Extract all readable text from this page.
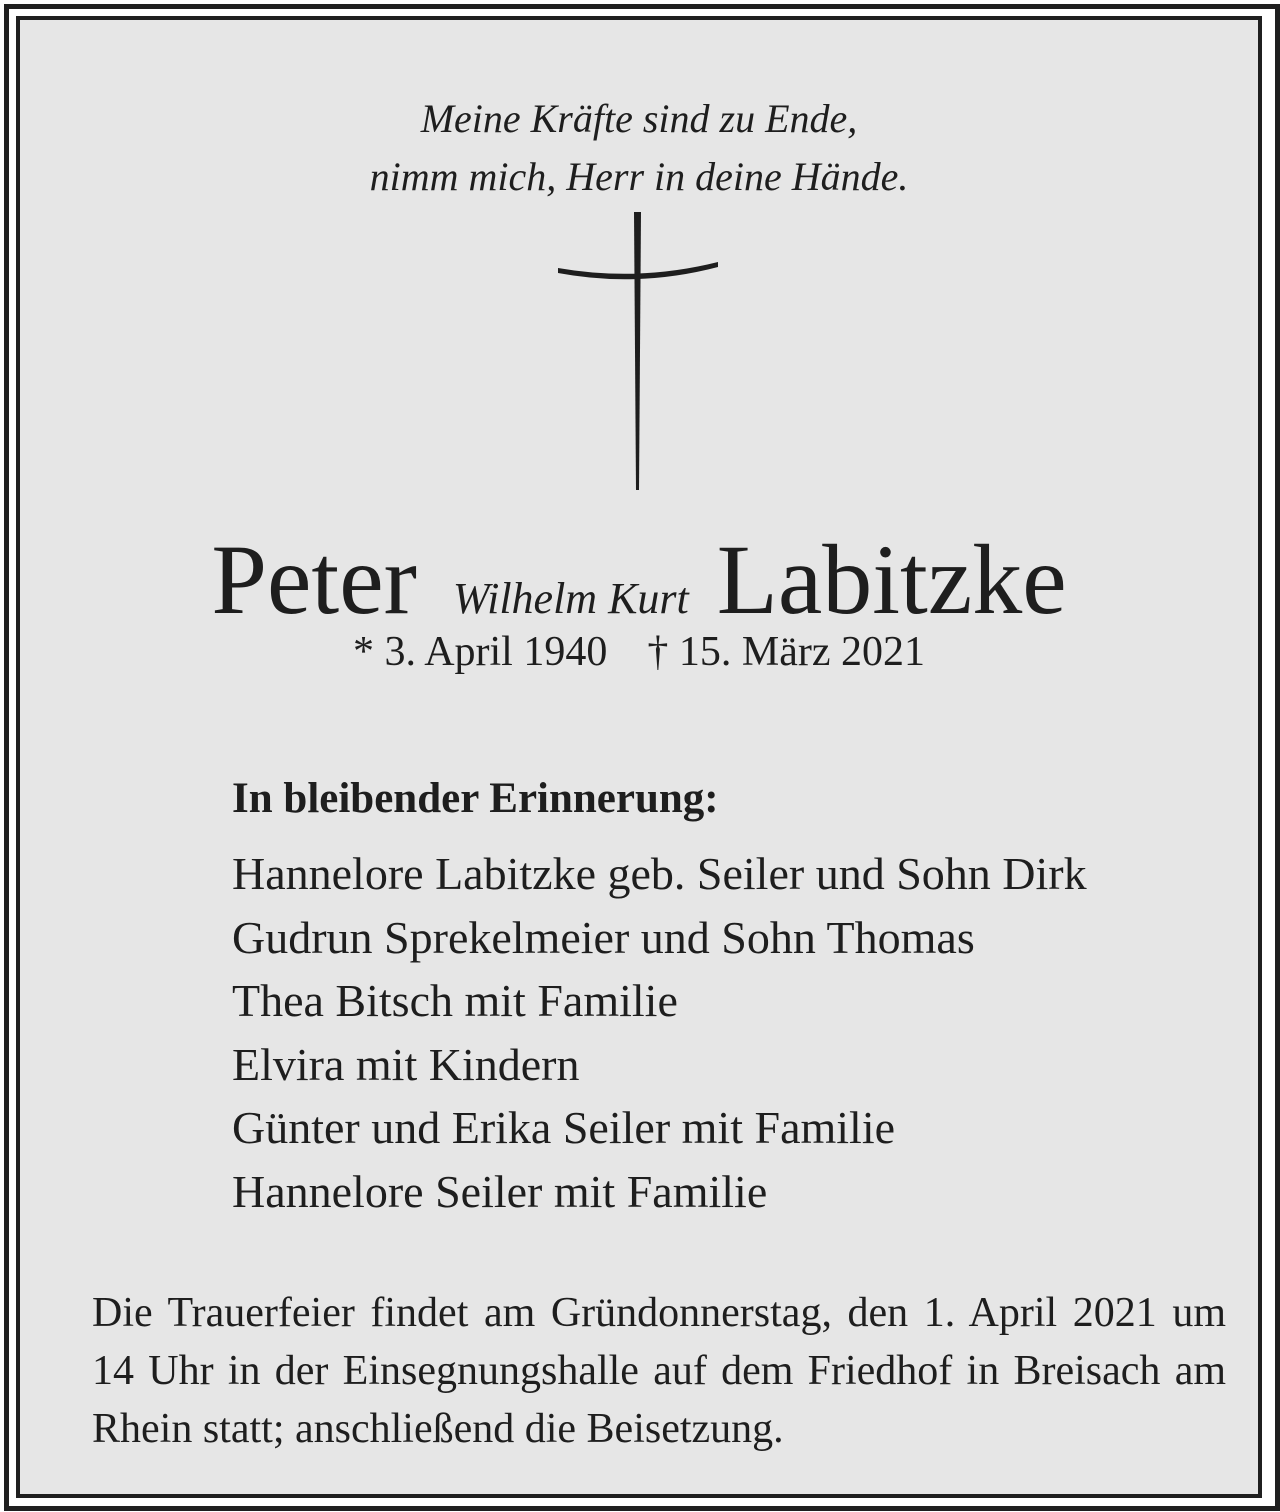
Meine Kräfte sind zu Ende,
nimm mich, Herr in deine Hände.
Peter Wilhelm Kurt Labitzke
* 3. April 1940 † 15. März 2021
In bleibender Erinnerung:
Hannelore Labitzke geb. Seiler und Sohn Dirk
Gudrun Sprekelmeier und Sohn Thomas
Thea Bitsch mit Familie
Elvira mit Kindern
Günter und Erika Seiler mit Familie
Hannelore Seiler mit Familie
Die Trauerfeier findet am Gründonnerstag, den 1. April 2021 um 14 Uhr in der Einsegnungshalle auf dem Friedhof in Breisach am Rhein statt; anschließend die Beisetzung.
